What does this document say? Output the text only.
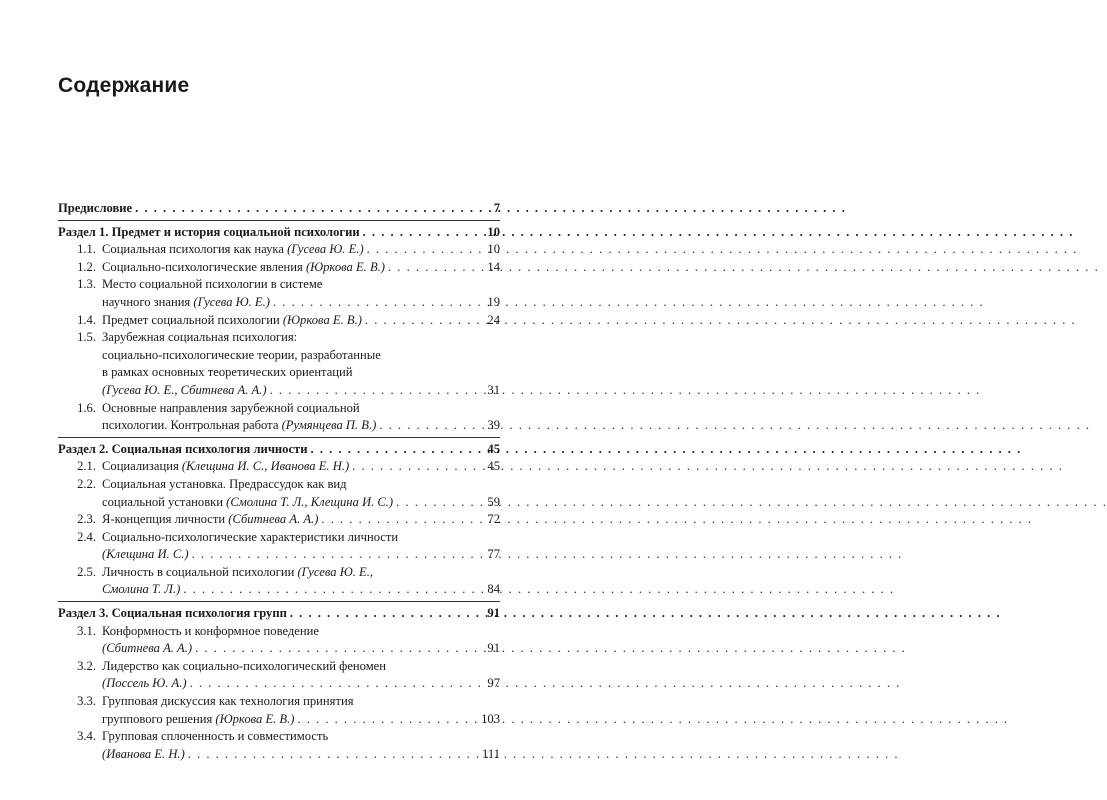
Содержание
Предисловие . . .	7
Раздел 1. Предмет и история социальной психологии . . .	10
1.1. Социальная психология как наука (Гусева Ю. Е.) . . .	10
1.2. Социально-психологические явления (Юркова Е. В.) . . .	14
1.3. Место социальной психологии в системе
научного знания (Гусева Ю. Е.) . . .	19
1.4. Предмет социальной психологии (Юркова Е. В.) . . .	24
1.5. Зарубежная социальная психология:
социально-психологические теории, разработанные
в рамках основных теоретических ориентаций
(Гусева Ю. Е., Сбитнева А. А.) . . .	31
1.6. Основные направления зарубежной социальной
психологии. Контрольная работа (Румянцева П. В.) . . .	39
Раздел 2. Социальная психология личности . . .	45
2.1. Социализация (Клещина И. С., Иванова Е. Н.) . . .	45
2.2. Социальная установка. Предрассудок как вид
социальной установки (Смолина Т. Л., Клещина И. С.) . . .	59
2.3. Я-концепция личности (Сбитнева А. А.) . . .	72
2.4. Социально-психологические характеристики личности
(Клещина И. С.) . . .	77
2.5. Личность в социальной психологии (Гусева Ю. Е.,
Смолина Т. Л.) . . .	84
Раздел 3. Социальная психология групп . . .	91
3.1. Конформность и конформное поведение
(Сбитнева А. А.) . . .	91
3.2. Лидерство как социально-психологический феномен
(Поссель Ю. А.) . . .	97
3.3. Групповая дискуссия как технология принятия
группового решения (Юркова Е. В.) . . .	103
3.4. Групповая сплоченность и совместимость
(Иванова Е. Н.) . . .	111
